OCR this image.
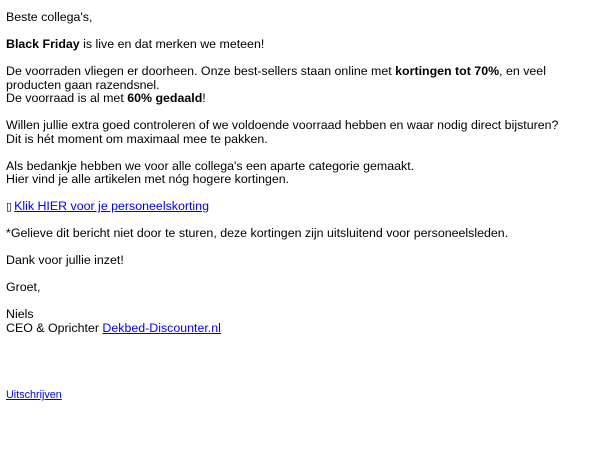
Beste collega's,

Black Friday is live en dat merken we meteen!

De voorraden vliegen er doorheen. Onze best-sellers staan online met kortingen tot 70%, en veel producten gaan razendsnel.
De voorraad is al met 60% gedaald!

Willen jullie extra goed controleren of we voldoende voorraad hebben en waar nodig direct bijsturen?
Dit is hét moment om maximaal mee te pakken.

Als bedankje hebben we voor alle collega's een aparte categorie gemaakt.
Hier vind je alle artikelen met nóg hogere kortingen.

▯ Klik HIER voor je personeelskorting

*Gelieve dit bericht niet door te sturen, deze kortingen zijn uitsluitend voor personeelsleden.

Dank voor jullie inzet!

Groet,

Niels
CEO & Oprichter Dekbed-Discounter.nl

Uitschrijven
